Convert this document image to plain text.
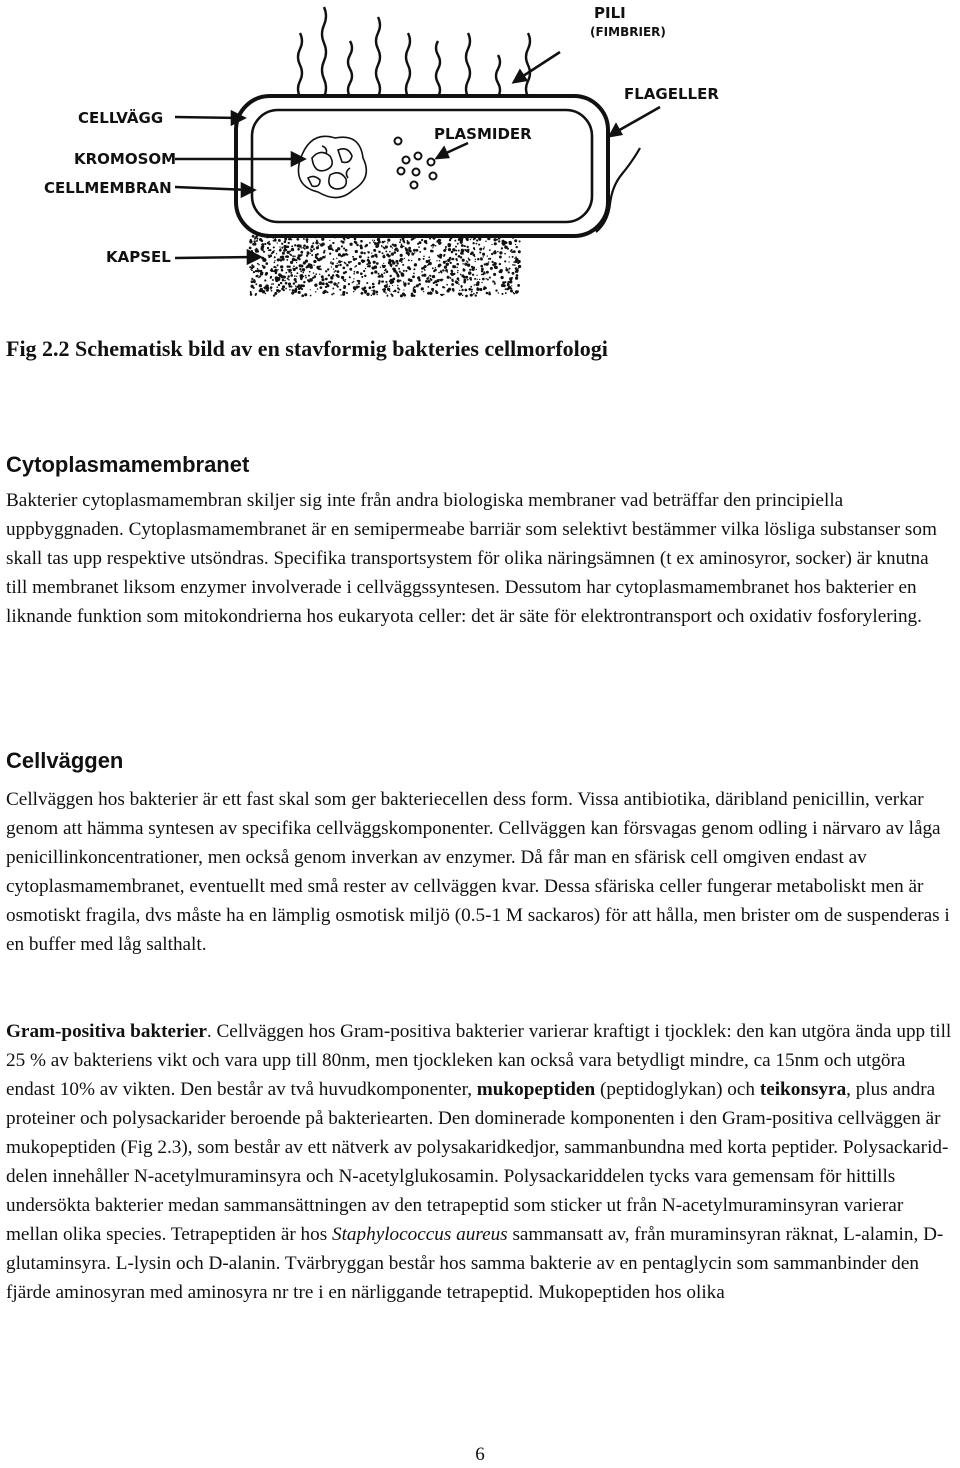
PILI
(FIMBRIER)
FLAGELLER
CELLVÄGG
KROMOSOM
CELLMEMBRAN
KAPSEL
PLASMIDER

Fig 2.2 Schematisk bild av en stavformig bakteries cellmorfologi

Cytoplasmamembranet

Bakterier cytoplasmamembran skiljer sig inte från andra biologiska membraner vad beträffar den principiella uppbyggnaden. Cytoplasmamembranet är en semipermeabe barriär som selektivt bestämmer vilka lösliga substanser som skall tas upp respektive utsöndras. Specifika transportsystem för olika näringsämnen (t ex aminosyror, socker) är knutna till membranet liksom enzymer involverade i cellväggssyntesen. Dessutom har cytoplasmamembranet hos bakterier en liknande funktion som mitokondrierna hos eukaryota celler: det är säte för elektrontransport och oxidativ fosforylering.

Cellväggen

Cellväggen hos bakterier är ett fast skal som ger bakteriecellen dess form. Vissa antibiotika, däribland penicillin, verkar genom att hämma syntesen av specifika cellväggskomponenter. Cellväggen kan försvagas genom odling i närvaro av låga penicillinkoncentrationer, men också genom inverkan av enzymer. Då får man en sfärisk cell omgiven endast av cytoplasmamembranet, eventuellt med små rester av cellväggen kvar. Dessa sfäriska celler fungerar metaboliskt men är osmotiskt fragila, dvs måste ha en lämplig osmotisk miljö (0.5-1 M sackaros) för att hålla, men brister om de suspenderas i en buffer med låg salthalt.

Gram-positiva bakterier. Cellväggen hos Gram-positiva bakterier varierar kraftigt i tjocklek: den kan utgöra ända upp till 25 % av bakteriens vikt och vara upp till 80nm, men tjockleken kan också vara betydligt mindre, ca 15nm och utgöra endast 10% av vikten. Den består av två huvudkomponenter, mukopeptiden (peptidoglykan) och teikonsyra, plus andra proteiner och polysackarider beroende på bakteriearten. Den dominerade komponenten i den Gram-positiva cellväggen är mukopeptiden (Fig 2.3), som består av ett nätverk av polysakaridkedjor, sammanbundna med korta peptider. Polysackarid-delen innehåller N-acetylmuraminsyra och N-acetylglukosamin. Polysackariddelen tycks vara gemensam för hittills undersökta bakterier medan sammansättningen av den tetrapeptid som sticker ut från N-acetylmuraminsyran varierar mellan olika species. Tetrapeptiden är hos Staphylococcus aureus sammansatt av, från muraminsyran räknat, L-alamin, D-glutaminsyra. L-lysin och D-alanin. Tvärbryggan består hos samma bakterie av en pentaglycin som sammanbinder den fjärde aminosyran med aminosyra nr tre i en närliggande tetrapeptid. Mukopeptiden hos olika

6
